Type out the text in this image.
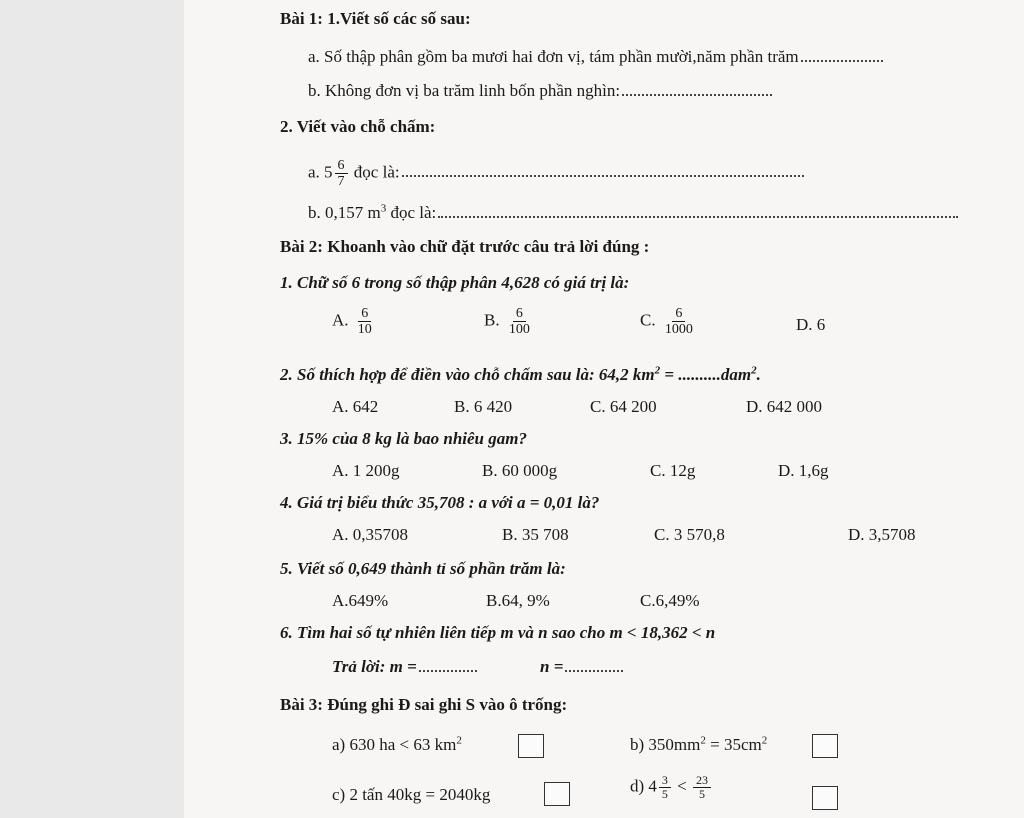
Bài 1: 1.Viết số các số sau:
a. Số thập phân gồm ba mươi hai đơn vị, tám phần mười,năm phần trăm
b. Không đơn vị ba trăm linh bốn phần nghìn:
2. Viết vào chỗ chấm:
a. $5 \frac{6}{7}$ đọc là:
b. 0,157 $m^3$ đọc là:
Bài 2: Khoanh vào chữ đặt trước câu trả lời đúng :
1. Chữ số 6 trong số thập phân 4,628 có giá trị là:
A. $\frac{6}{10}$	B. $\frac{6}{100}$	C. $\frac{6}{1000}$	D. 6
2. Số thích hợp để điền vào chỗ chấm sau là: 64,2 $km^2 = ..........dam^2$.
A. 642	B. 6 420	C. 64 200	D. 642 000
3. 15% của 8 kg là bao nhiêu gam?
A. 1 200g	B. 60 000g	C. 12g	D. 1,6g
4. Giá trị biểu thức 35,708 : a với a = 0,01 là?
A. 0,35708	B. 35 708	C. 3 570,8	D. 3,5708
5. Viết số 0,649 thành tỉ số phần trăm là:
A.649%	B.64, 9%	C.6,49%
6. Tìm hai số tự nhiên liên tiếp m và n sao cho m < 18,362 < n
Trả lời: m =	n =
Bài 3: Đúng ghi Đ sai ghi S vào ô trống:
a) 630 ha < 63 $km^2$	b) $350mm^2 = 35cm^2$
c) 2 tấn 40kg = 2040kg	d) $4 \frac{3}{5} < \frac{23}{5}$
